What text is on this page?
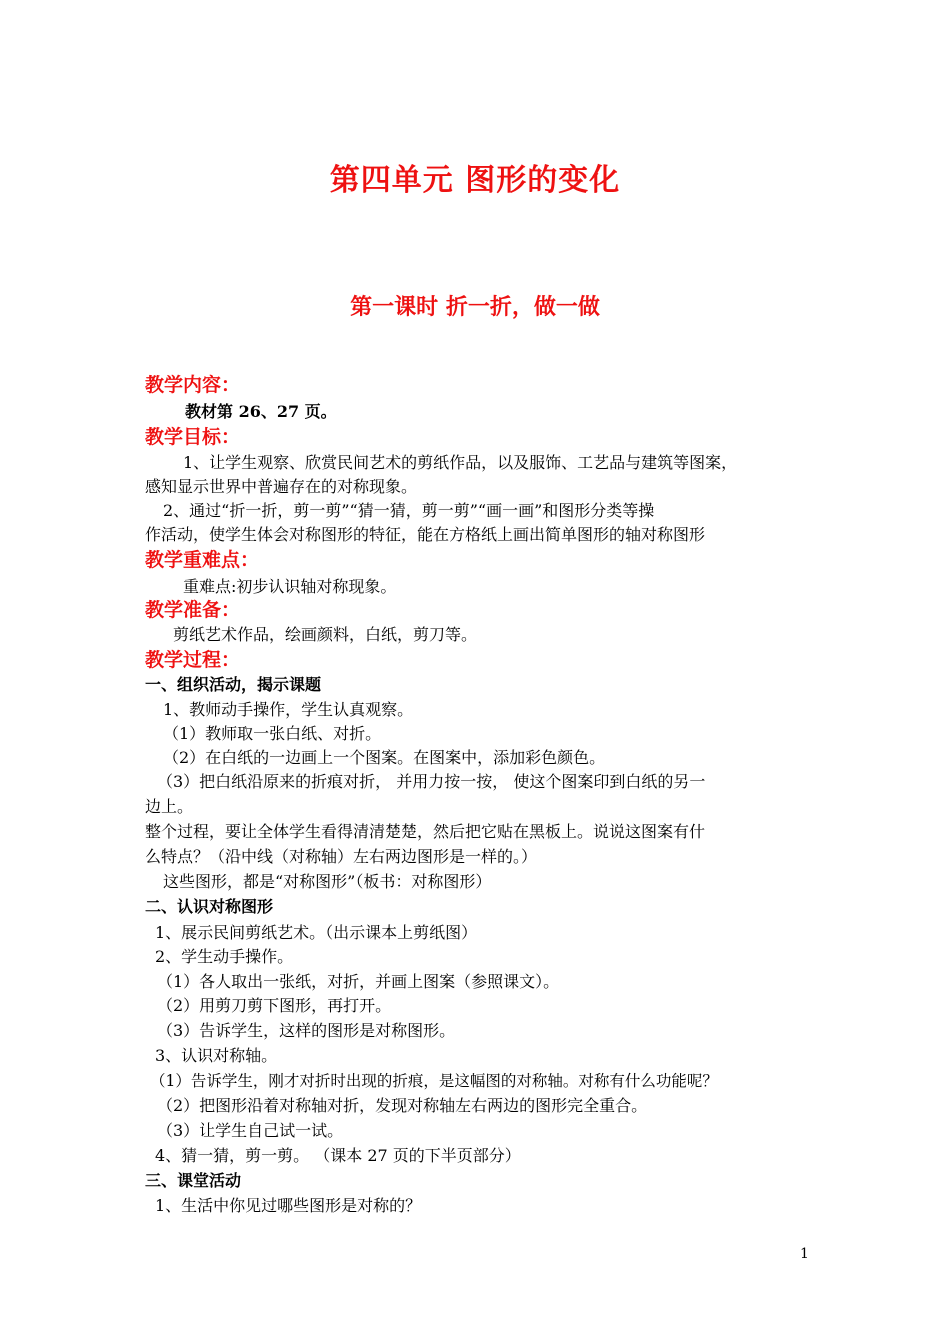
第四单元 图形的变化
第一课时 折一折，做一做
教学内容：
教材第 26、27 页。
教学目标：
1、让学生观察、欣赏民间艺术的剪纸作品，以及服饰、工艺品与建筑等图案，
感知显示世界中普遍存在的对称现象。
2、通过“折一折，剪一剪”“猜一猜，剪一剪”“画一画”和图形分类等操
作活动，使学生体会对称图形的特征，能在方格纸上画出简单图形的轴对称图形
教学重难点：
重难点:初步认识轴对称现象。
教学准备：
剪纸艺术作品，绘画颜料，白纸，剪刀等。
教学过程：
一、组织活动，揭示课题
1、教师动手操作，学生认真观察。
（1）教师取一张白纸、对折。
（2）在白纸的一边画上一个图案。在图案中，添加彩色颜色。
（3）把白纸沿原来的折痕对折， 并用力按一按， 使这个图案印到白纸的另一
边上。
整个过程，要让全体学生看得清清楚楚，然后把它贴在黑板上。说说这图案有什
么特点？（沿中线（对称轴）左右两边图形是一样的。）
这些图形，都是“对称图形”（板书：对称图形）
二、认识对称图形
1、展示民间剪纸艺术。（出示课本上剪纸图）
2、学生动手操作。
（1）各人取出一张纸，对折，并画上图案（参照课文）。
（2）用剪刀剪下图形，再打开。
（3）告诉学生，这样的图形是对称图形。
3、认识对称轴。
（1）告诉学生，刚才对折时出现的折痕，是这幅图的对称轴。对称有什么功能呢？
（2）把图形沿着对称轴对折，发现对称轴左右两边的图形完全重合。
（3）让学生自己试一试。
4、猜一猜，剪一剪。 （课本 27 页的下半页部分）
三、课堂活动
1、生活中你见过哪些图形是对称的？
1
